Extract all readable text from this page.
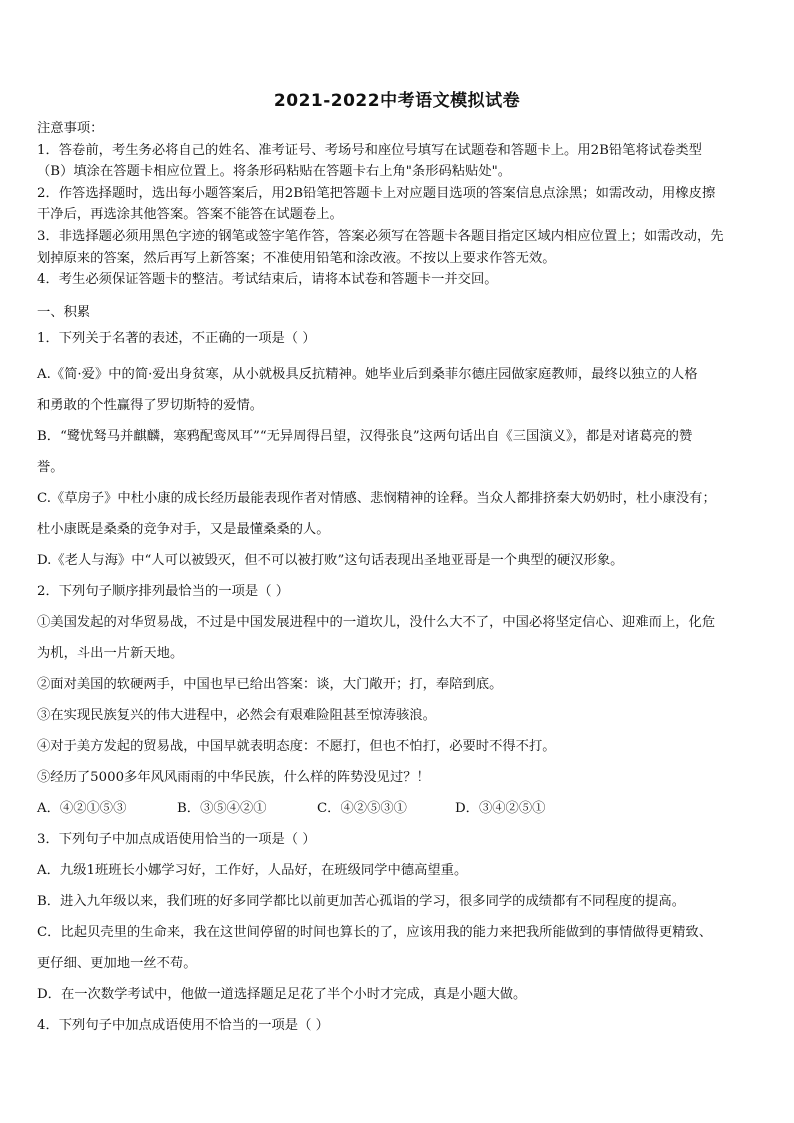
2021-2022中考语文模拟试卷

注意事项：

1．答卷前，考生务必将自己的姓名、准考证号、考场号和座位号填写在试题卷和答题卡上。用2B铅笔将试卷类型

（B）填涂在答题卡相应位置上。将条形码粘贴在答题卡右上角"条形码粘贴处"。

2．作答选择题时，选出每小题答案后，用2B铅笔把答题卡上对应题目选项的答案信息点涂黑；如需改动，用橡皮擦

干净后，再选涂其他答案。答案不能答在试题卷上。

3．非选择题必须用黑色字迹的钢笔或签字笔作答，答案必须写在答题卡各题目指定区域内相应位置上；如需改动，先

划掉原来的答案，然后再写上新答案；不准使用铅笔和涂改液。不按以上要求作答无效。

4．考生必须保证答题卡的整洁。考试结束后，请将本试卷和答题卡一并交回。

一、积累

1．下列关于名著的表述，不正确的一项是（ ）

A.《简·爱》中的简·爱出身贫寒，从小就极具反抗精神。她毕业后到桑菲尔德庄园做家庭教师，最终以独立的人格

和勇敢的个性赢得了罗切斯特的爱情。

B．“鹭忧驽马并麒麟，寒鸦配鸾凤耳”“无异周得吕望，汉得张良”这两句话出自《三国演义》，都是对诸葛亮的赞

誉。

C.《草房子》中杜小康的成长经历最能表现作者对情感、悲悯精神的诠释。当众人都排挤秦大奶奶时，杜小康没有；

杜小康既是桑桑的竞争对手，又是最懂桑桑的人。

D.《老人与海》中“人可以被毁灭，但不可以被打败”这句话表现出圣地亚哥是一个典型的硬汉形象。

2．下列句子顺序排列最恰当的一项是（ ）

①美国发起的对华贸易战，不过是中国发展进程中的一道坎儿，没什么大不了，中国必将坚定信心、迎难而上，化危

为机，斗出一片新天地。

②面对美国的软硬两手，中国也早已给出答案：谈，大门敞开；打，奉陪到底。

③在实现民族复兴的伟大进程中，必然会有艰难险阻甚至惊涛骇浪。

④对于美方发起的贸易战，中国早就表明态度：不愿打，但也不怕打，必要时不得不打。

⑤经历了5000多年风风雨雨的中华民族，什么样的阵势没见过？！

A．④②①⑤③	B．③⑤④②①	C．④②⑤③①	D．③④②⑤①

3．下列句子中加点成语使用恰当的一项是（ ）

A．九级1班班长小娜学习好，工作好，人品好，在班级同学中德高望重。

B．进入九年级以来，我们班的好多同学都比以前更加苦心孤诣的学习，很多同学的成绩都有不同程度的提高。

C．比起贝壳里的生命来，我在这世间停留的时间也算长的了，应该用我的能力来把我所能做到的事情做得更精致、

更仔细、更加地一丝不苟。

D．在一次数学考试中，他做一道选择题足足花了半个小时才完成，真是小题大做。

4．下列句子中加点成语使用不恰当的一项是（ ）
